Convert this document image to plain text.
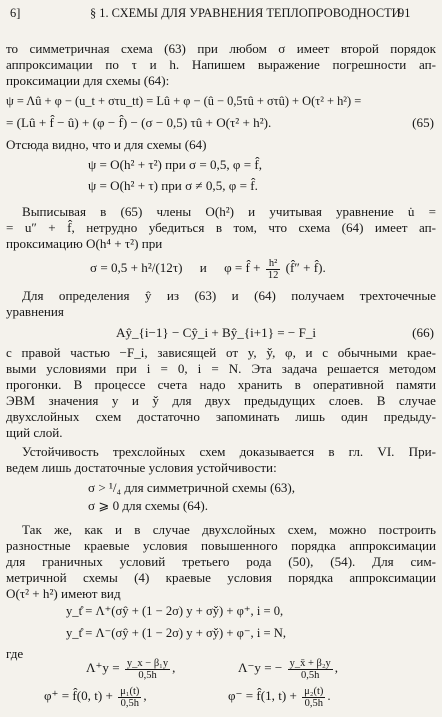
6]	§ 1. СХЕМЫ ДЛЯ УРАВНЕНИЯ ТЕПЛОПРОВОДНОСТИ
91
то симметричная схема (63) при любом σ имеет второй порядок
аппроксимации по τ и h. Напишем выражение погрешности ап-
проксимации для схемы (64):
ψ = Λû + φ − (u_t + στu_tt) = Lû + φ − (û − 0,5τû + στû) + O(τ² + h²) =
= (Lû + f̂ − û) + (φ − f̂) − (σ − 0,5) τû + O(τ² + h²).	(65)
Отсюда видно, что и для схемы (64)
ψ = O(h² + τ²) при σ = 0,5, φ = f̂,
ψ = O(h² + τ) при σ ≠ 0,5, φ = f̂.
Выписывая в (65) члены O(h²) и учитывая уравнение u̇ =
= u″ + f̂, нетрудно убедиться в том, что схема (64) имеет ап-
проксимацию O(h⁴ + τ²) при
σ = 0,5 + h²/(12τ) и φ = f̂ + $\frac{\text{h²}}{12}$ (f̂″ + f̂).
Для определения ŷ из (63) и (64) получаем трехточечные
уравнения
Aŷ_{i−1} − Cŷ_i + Bŷ_{i+1} = − F_i	(66)
с правой частью −F_i, зависящей от y, y̌, φ, и с обычными крае-
выми условиями при i = 0, i = N. Эта задача решается методом
прогонки. В процессе счета надо хранить в оперативной памяти
ЭВМ значения y и y̌ для двух предыдущих слоев. В случае
двухслойных схем достаточно запоминать лишь один предыду-
щий слой.
Устойчивость трехслойных схем доказывается в гл. VI. При-
ведем лишь достаточные условия устойчивости:
σ > ¹/₄ для симметричной схемы (63),
σ ⩾ 0 для схемы (64).
Так же, как и в случае двухслойных схем, можно построить
разностные краевые условия повышенного порядка аппроксимации
для граничных условий третьего рода (50), (54). Для сим-
метричной схемы (4) краевые условия порядка аппроксимации
O(τ² + h²) имеют вид
y_t̊ = Λ⁺(σŷ + (1 − 2σ) y + σy̌) + φ⁺, i = 0,
y_t̊ = Λ⁻(σŷ + (1 − 2σ) y + σy̌) + φ⁻, i = N,
где
$\Lambda^+y = \frac{\text{y\_x − β₁y}}{0,5h}$ ,	Λ⁻y = − $\frac{\text{y\_x̄ + β₂y}}{0,5h}$ ,
φ⁺ = f̂(0, $t) + \frac{\text{μ₁(t)}}{0,5h}$ ,	φ⁻ = f̂(1, $t) + \frac{\text{μ₂(t)}}{0,5h}$ .
